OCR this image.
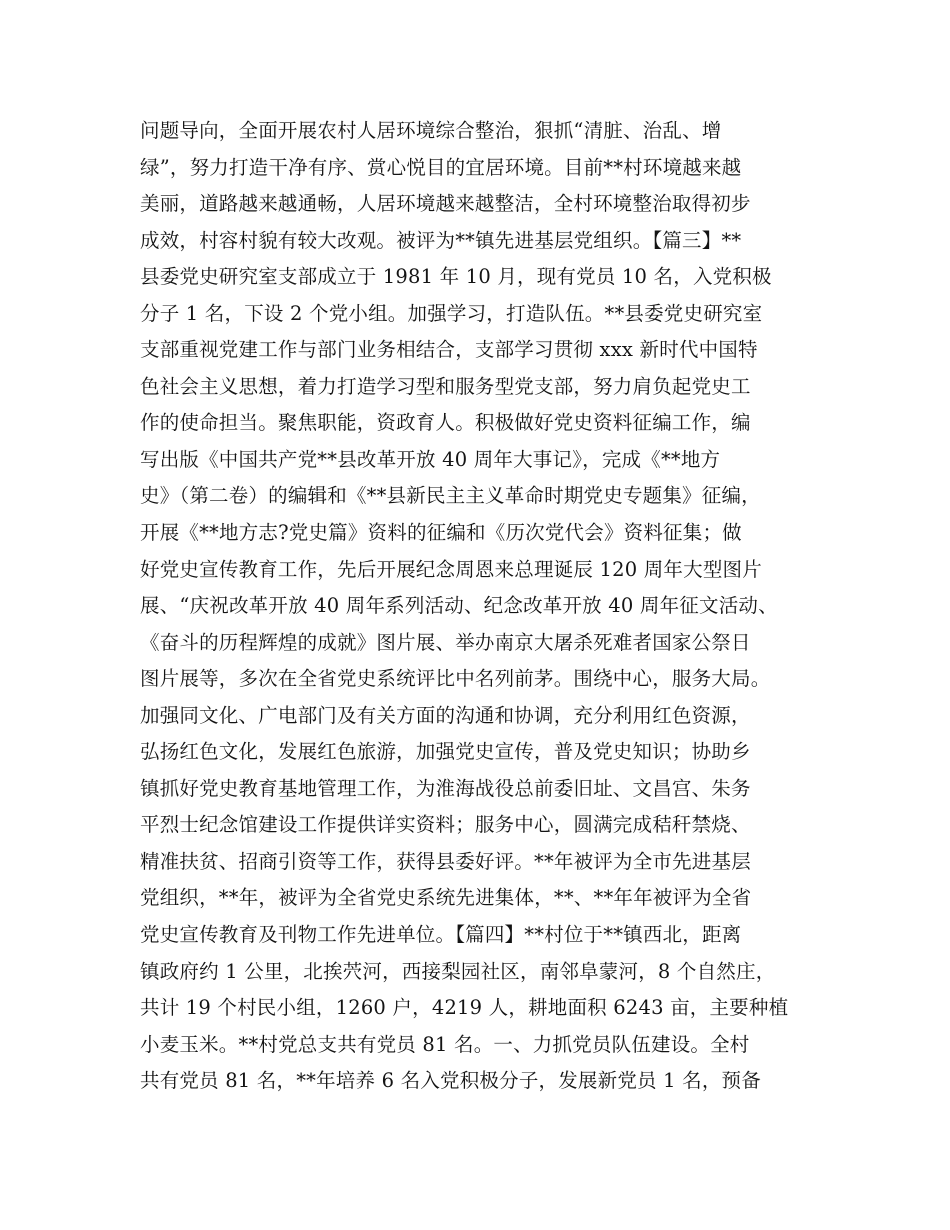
问题导向，全面开展农村人居环境综合整治，狠抓“清脏、治乱、增
绿”，努力打造干净有序、赏心悦目的宜居环境。目前**村环境越来越
美丽，道路越来越通畅，人居环境越来越整洁，全村环境整治取得初步
成效，村容村貌有较大改观。被评为**镇先进基层党组织。【篇三】**
县委党史研究室支部成立于 1981 年 10 月，现有党员 10 名，入党积极
分子 1 名，下设 2 个党小组。加强学习，打造队伍。**县委党史研究室
支部重视党建工作与部门业务相结合，支部学习贯彻 xxx 新时代中国特
色社会主义思想，着力打造学习型和服务型党支部，努力肩负起党史工
作的使命担当。聚焦职能，资政育人。积极做好党史资料征编工作，编
写出版《中国共产党**县改革开放 40 周年大事记》，完成《**地方
史》（第二卷）的编辑和《**县新民主主义革命时期党史专题集》征编，
开展《**地方志?党史篇》资料的征编和《历次党代会》资料征集；做
好党史宣传教育工作，先后开展纪念周恩来总理诞辰 120 周年大型图片
展、“庆祝改革开放 40 周年系列活动、纪念改革开放 40 周年征文活动、
《奋斗的历程辉煌的成就》图片展、举办南京大屠杀死难者国家公祭日
图片展等，多次在全省党史系统评比中名列前茅。围绕中心，服务大局。
加强同文化、广电部门及有关方面的沟通和协调，充分利用红色资源，
弘扬红色文化，发展红色旅游，加强党史宣传，普及党史知识；协助乡
镇抓好党史教育基地管理工作，为淮海战役总前委旧址、文昌宫、朱务
平烈士纪念馆建设工作提供详实资料；服务中心，圆满完成秸秆禁烧、
精准扶贫、招商引资等工作，获得县委好评。**年被评为全市先进基层
党组织，**年，被评为全省党史系统先进集体，**、**年年被评为全省
党史宣传教育及刊物工作先进单位。【篇四】**村位于**镇西北，距离
镇政府约 1 公里，北挨茓河，西接梨园社区，南邻阜蒙河，8 个自然庄，
共计 19 个村民小组，1260 户，4219 人，耕地面积 6243 亩，主要种植
小麦玉米。**村党总支共有党员 81 名。一、力抓党员队伍建设。全村
共有党员 81 名，**年培养 6 名入党积极分子，发展新党员 1 名，预备
